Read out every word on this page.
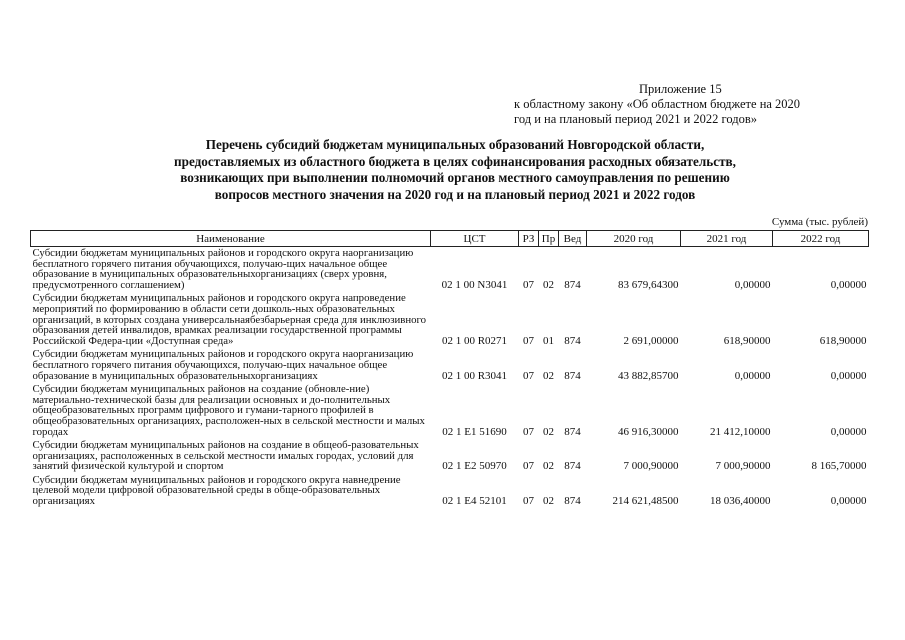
Приложение 15
к областному закону «Об областном бюджете на 2020
год и на плановый период 2021 и 2022 годов»
Перечень субсидий бюджетам муниципальных образований Новгородской области,
предоставляемых из областного бюджета в целях софинансирования расходных обязательств,
возникающих при выполнении полномочий органов местного самоуправления по решению
вопросов местного значения на 2020 год и на плановый период 2021 и 2022 годов
Сумма (тыс. рублей)
Наименование	ЦСТ	РЗ	Пр	Вед	2020 год	2021 год	2022 год
Субсидии бюджетам муниципальных районов и городского округа наорганизацию бесплатного горячего питания обучающихся, получаю-щих начальное общее образование в муниципальных образовательныхорганизациях (сверх уровня, предусмотренного соглашением)	02 1 00 N3041	07	02	874	83 679,64300	0,00000	0,00000
Субсидии бюджетам муниципальных районов и городского округа напроведение мероприятий по формированию в области сети дошколь-ных образовательных организаций, в которых создана универсальнаябезбарьерная среда для инклюзивного образования детей инвалидов, врамках реализации государственной программы Российской Федера-ции «Доступная среда»	02 1 00 R0271	07	01	874	2 691,00000	618,90000	618,90000
Субсидии бюджетам муниципальных районов и городского округа наорганизацию бесплатного горячего питания обучающихся, получаю-щих начальное общее образование в муниципальных образовательныхорганизациях	02 1 00 R3041	07	02	874	43 882,85700	0,00000	0,00000
Субсидии бюджетам муниципальных районов на создание (обновле-ние) материально-технической базы для реализации основных и до-полнительных общеобразовательных программ цифрового и гумани-тарного профилей в общеобразовательных организациях, расположен-ных в сельской местности и малых городах	02 1 E1 51690	07	02	874	46 916,30000	21 412,10000	0,00000
Субсидии бюджетам муниципальных районов на создание в общеоб-разовательных организациях, расположенных в сельской местности ималых городах, условий для занятий физической культурой и спортом	02 1 E2 50970	07	02	874	7 000,90000	7 000,90000	8 165,70000
Субсидии бюджетам муниципальных районов и городского округа навнедрение целевой модели цифровой образовательной среды в обще-образовательных организациях	02 1 E4 52101	07	02	874	214 621,48500	18 036,40000	0,00000
